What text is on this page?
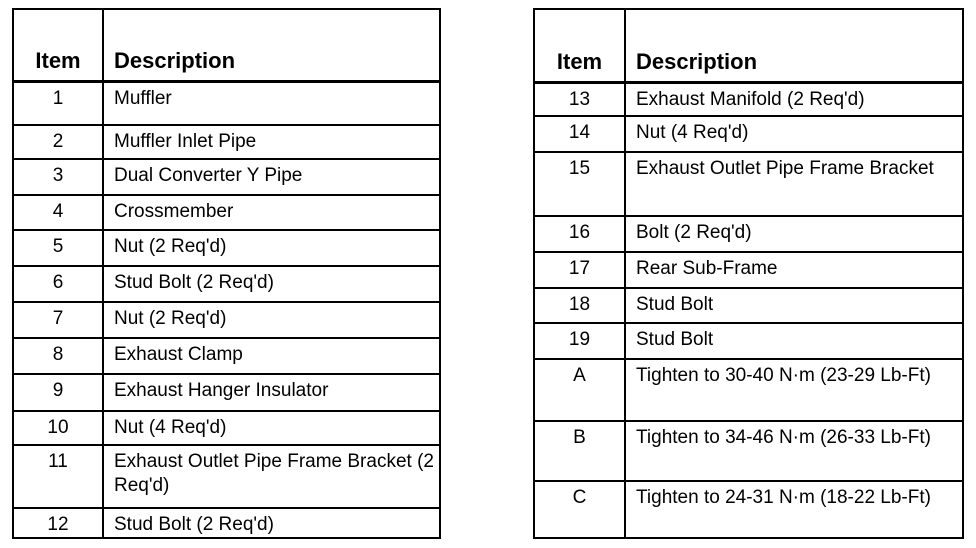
Item	Description
1	Muffler
2	Muffler Inlet Pipe
3	Dual Converter Y Pipe
4	Crossmember
5	Nut (2 Req'd)
6	Stud Bolt (2 Req'd)
7	Nut (2 Req'd)
8	Exhaust Clamp
9	Exhaust Hanger Insulator
10	Nut (4 Req'd)
11	Exhaust Outlet Pipe Frame Bracket (2 Req'd)
12	Stud Bolt (2 Req'd)
Item	Description
13	Exhaust Manifold (2 Req'd)
14	Nut (4 Req'd)
15	Exhaust Outlet Pipe Frame Bracket
16	Bolt (2 Req'd)
17	Rear Sub-Frame
18	Stud Bolt
19	Stud Bolt
A	Tighten to 30-40 N·m (23-29 Lb-Ft)
B	Tighten to 34-46 N·m (26-33 Lb-Ft)
C	Tighten to 24-31 N·m (18-22 Lb-Ft)
